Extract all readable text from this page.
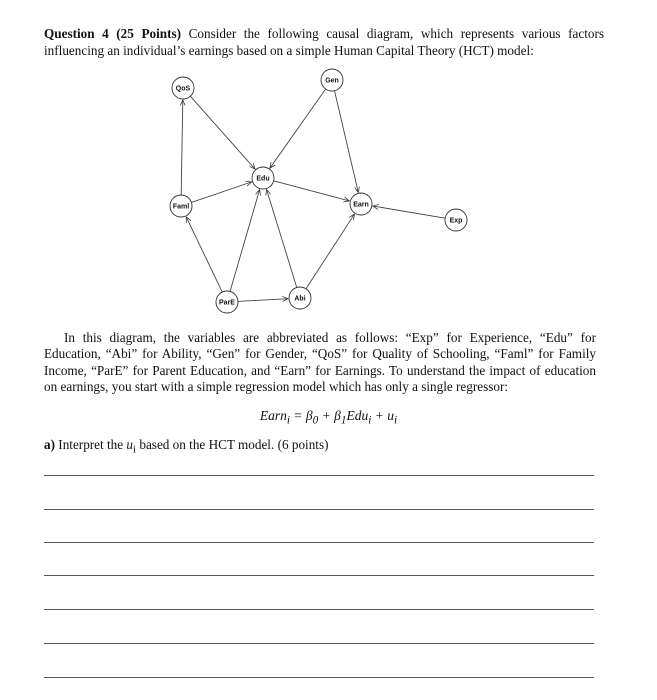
Question 4 (25 Points) Consider the following causal diagram, which represents various factors influencing an individual’s earnings based on a simple Human Capital Theory (HCT) model:

QoS
Gen
Edu
Faml	Earn
Exp
Abi
ParE

In this diagram, the variables are abbreviated as follows: “Exp” for Experience, “Edu” for Education, “Abi” for Ability, “Gen” for Gender, “QoS” for Quality of Schooling, “Faml” for Family Income, “ParE” for Parent Education, and “Earn” for Earnings. To understand the impact of education on earnings, you start with a simple regression model which has only a single regressor:

Earn$_i$ = $\beta_0 + \beta_1Edu_i + u_i$

a) Interpret the $u_i$ based on the HCT model. (6 points)
